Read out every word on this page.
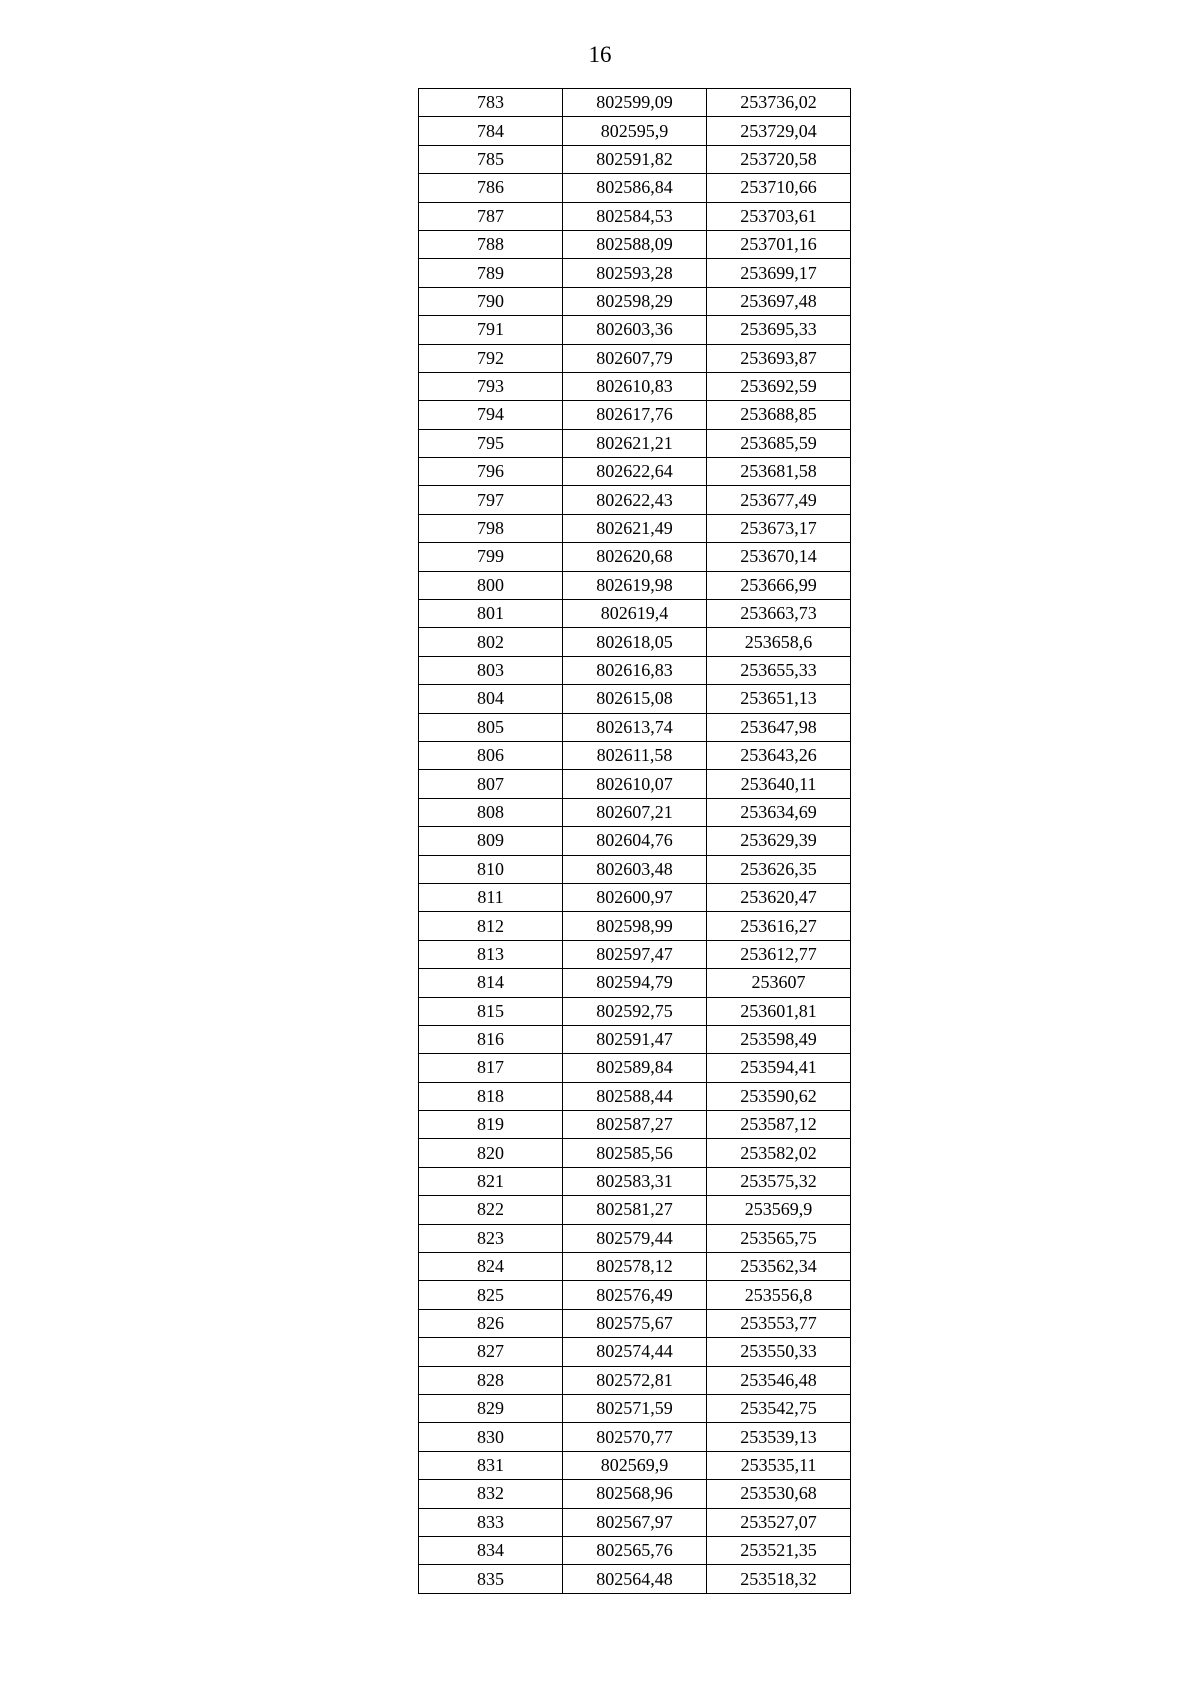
16
783	802599,09	253736,02
784	802595,9	253729,04
785	802591,82	253720,58
786	802586,84	253710,66
787	802584,53	253703,61
788	802588,09	253701,16
789	802593,28	253699,17
790	802598,29	253697,48
791	802603,36	253695,33
792	802607,79	253693,87
793	802610,83	253692,59
794	802617,76	253688,85
795	802621,21	253685,59
796	802622,64	253681,58
797	802622,43	253677,49
798	802621,49	253673,17
799	802620,68	253670,14
800	802619,98	253666,99
801	802619,4	253663,73
802	802618,05	253658,6
803	802616,83	253655,33
804	802615,08	253651,13
805	802613,74	253647,98
806	802611,58	253643,26
807	802610,07	253640,11
808	802607,21	253634,69
809	802604,76	253629,39
810	802603,48	253626,35
811	802600,97	253620,47
812	802598,99	253616,27
813	802597,47	253612,77
814	802594,79	253607
815	802592,75	253601,81
816	802591,47	253598,49
817	802589,84	253594,41
818	802588,44	253590,62
819	802587,27	253587,12
820	802585,56	253582,02
821	802583,31	253575,32
822	802581,27	253569,9
823	802579,44	253565,75
824	802578,12	253562,34
825	802576,49	253556,8
826	802575,67	253553,77
827	802574,44	253550,33
828	802572,81	253546,48
829	802571,59	253542,75
830	802570,77	253539,13
831	802569,9	253535,11
832	802568,96	253530,68
833	802567,97	253527,07
834	802565,76	253521,35
835	802564,48	253518,32
